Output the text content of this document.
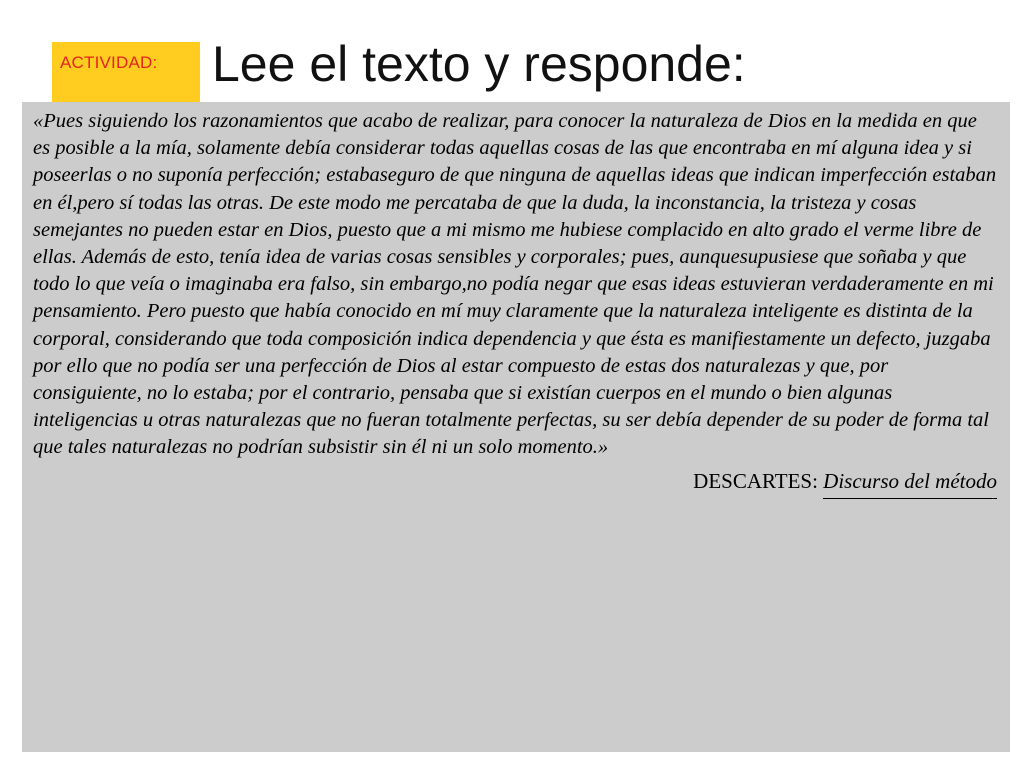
ACTIVIDAD:	Lee el texto y responde:

«Pues siguiendo los razonamientos que acabo de realizar, para conocer la naturaleza de Dios en la medida en que es posible a la mía, solamente debía considerar todas aquellas cosas de las que encontraba en mí alguna idea y si poseerlas o no suponía perfección; estabaseguro de que ninguna de aquellas ideas que indican imperfección estaban en él,pero sí todas las otras. De este modo me percataba de que la duda, la inconstancia, la tristeza y cosas semejantes no pueden estar en Dios, puesto que a mi mismo me hubiese complacido en alto grado el verme libre de ellas. Además de esto, tenía idea de varias cosas sensibles y corporales; pues, aunquesupusiese que soñaba y que todo lo que veía o imaginaba era falso, sin embargo,no podía negar que esas ideas estuvieran verdaderamente en mi pensamiento. Pero puesto que había conocido en mí muy claramente que la naturaleza inteligente es distinta de la corporal, considerando que toda composición indica dependencia y que ésta es manifiestamente un defecto, juzgaba por ello que no podía ser una perfección de Dios al estar compuesto de estas dos naturalezas y que, por consiguiente, no lo estaba; por el contrario, pensaba que si existían cuerpos en el mundo o bien algunas inteligencias u otras naturalezas que no fueran totalmente perfectas, su ser debía depender de su poder de forma tal que tales naturalezas no podrían subsistir sin él ni un solo momento.»

DESCARTES: Discurso del método
